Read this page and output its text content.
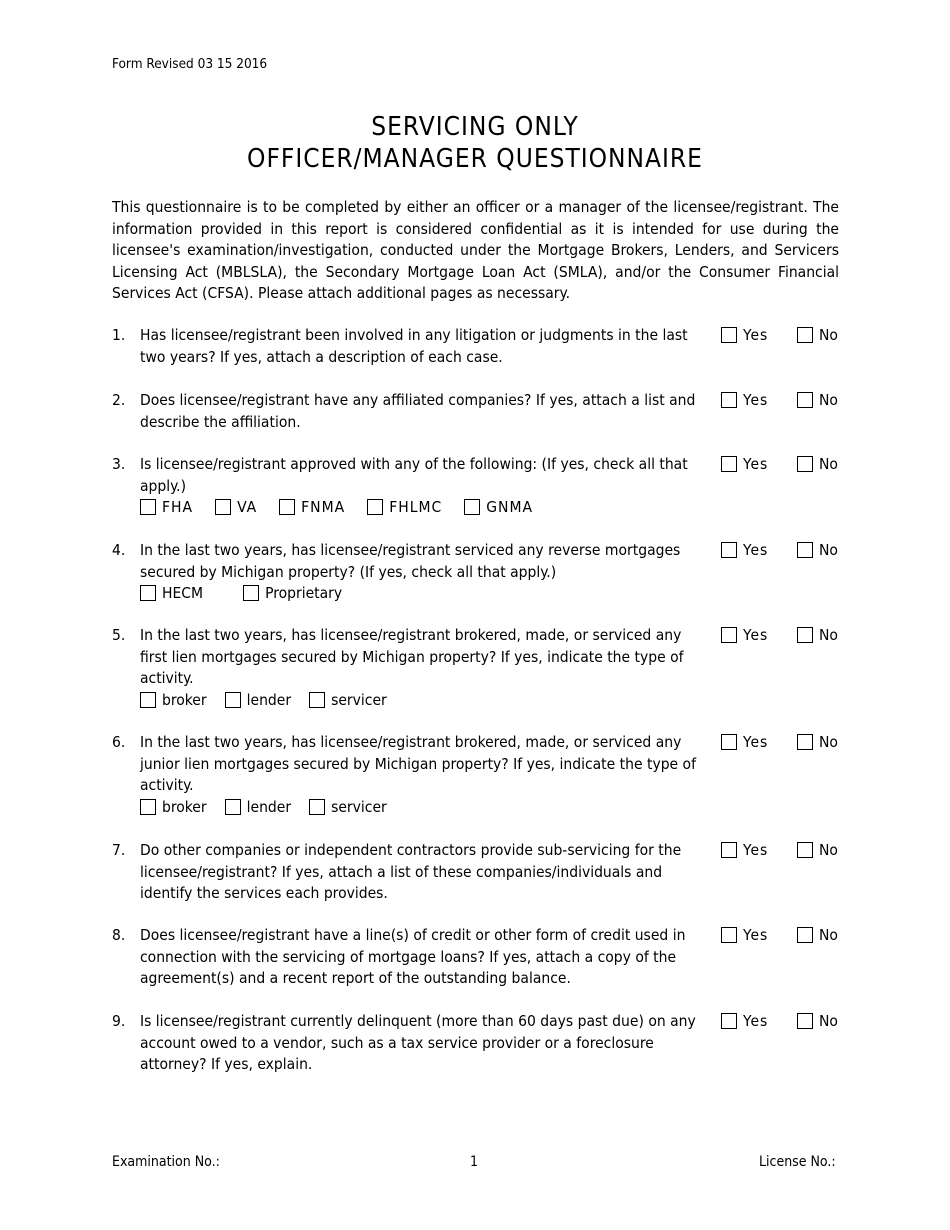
Form Revised 03 15 2016
SERVICING ONLY
OFFICER/MANAGER QUESTIONNAIRE
This questionnaire is to be completed by either an officer or a manager of the licensee/registrant. The information provided in this report is considered confidential as it is intended for use during the licensee's examination/investigation, conducted under the Mortgage Brokers, Lenders, and Servicers Licensing Act (MBLSLA), the Secondary Mortgage Loan Act (SMLA), and/or the Consumer Financial Services Act (CFSA). Please attach additional pages as necessary.
1. Has licensee/registrant been involved in any litigation or judgments in the last two years? If yes, attach a description of each case.
Yes	No
2. Does licensee/registrant have any affiliated companies? If yes, attach a list and describe the affiliation.
Yes	No
3. Is licensee/registrant approved with any of the following: (If yes, check all that apply.)
FHA	VA	FNMA	FHLMC	GNMA
Yes	No
4. In the last two years, has licensee/registrant serviced any reverse mortgages secured by Michigan property? (If yes, check all that apply.)
HECM	Proprietary
Yes	No
5. In the last two years, has licensee/registrant brokered, made, or serviced any first lien mortgages secured by Michigan property? If yes, indicate the type of activity.
broker	lender	servicer
Yes	No
6. In the last two years, has licensee/registrant brokered, made, or serviced any junior lien mortgages secured by Michigan property? If yes, indicate the type of activity.
broker	lender	servicer
Yes	No
7. Do other companies or independent contractors provide sub-servicing for the licensee/registrant? If yes, attach a list of these companies/individuals and identify the services each provides.
Yes	No
8. Does licensee/registrant have a line(s) of credit or other form of credit used in connection with the servicing of mortgage loans? If yes, attach a copy of the agreement(s) and a recent report of the outstanding balance.
Yes	No
9. Is licensee/registrant currently delinquent (more than 60 days past due) on any account owed to a vendor, such as a tax service provider or a foreclosure attorney? If yes, explain.
Yes	No
Examination No.:	1	License No.:
